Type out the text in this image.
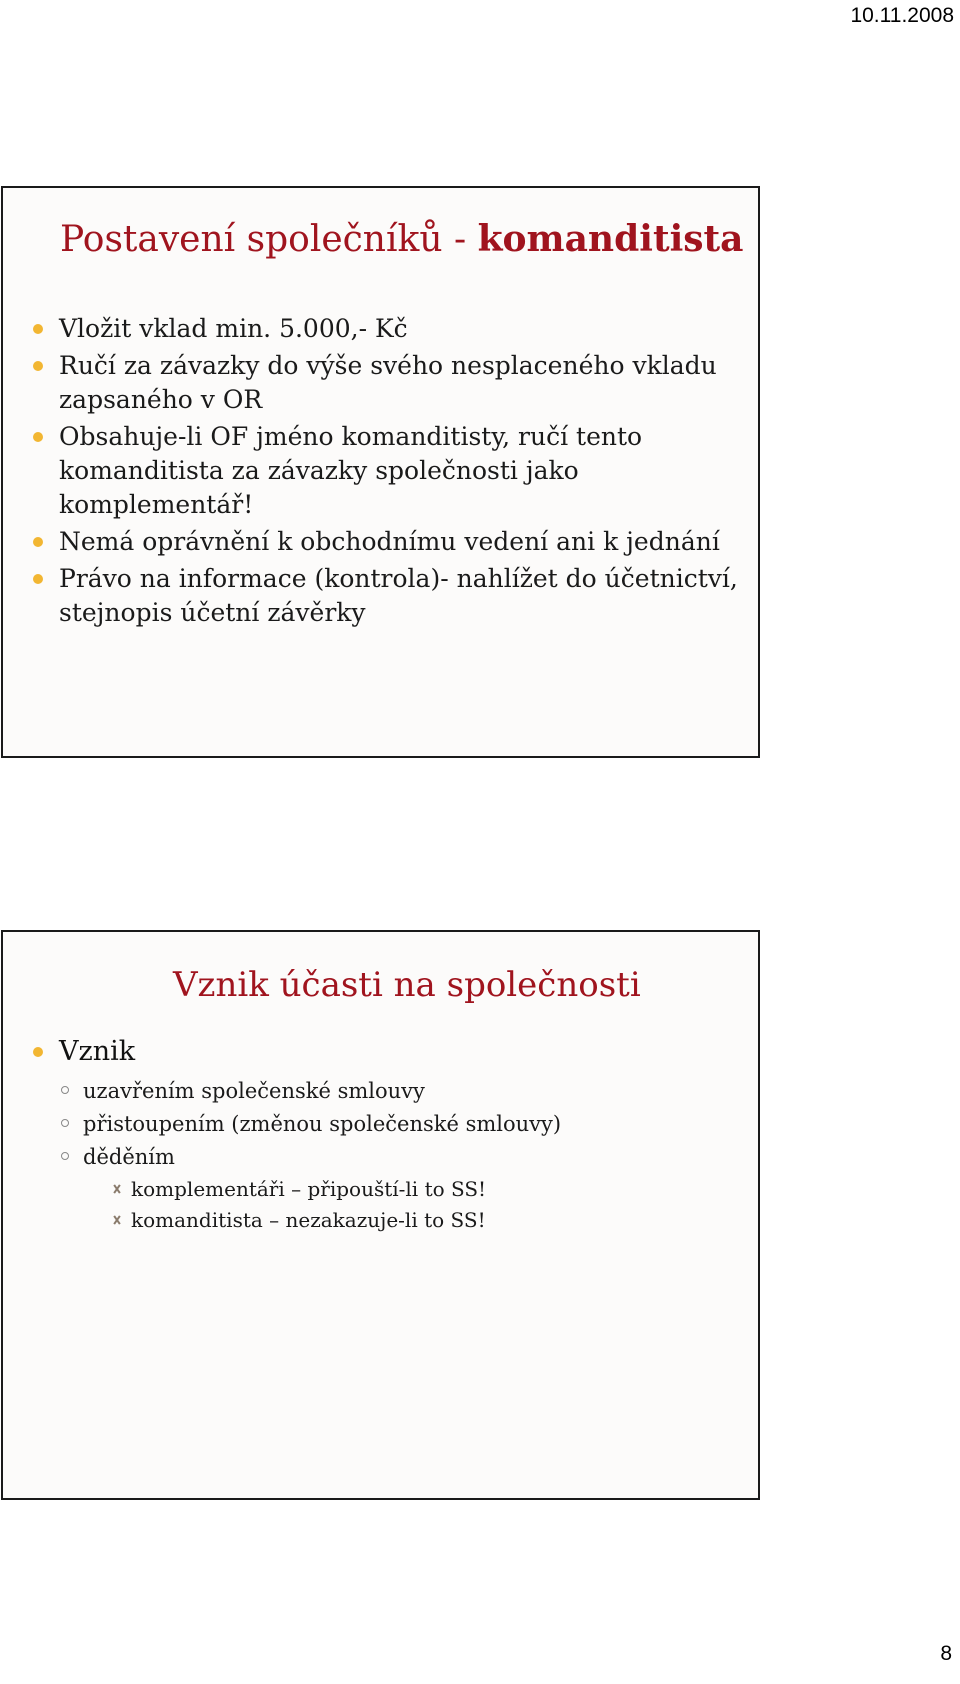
10.11.2008
Postavení společníků - komanditista
Vložit vklad min. 5.000,- Kč
Ručí za závazky do výše svého nesplaceného vkladu zapsaného v OR
Obsahuje-li OF jméno komanditisty, ručí tento komanditista za závazky společnosti jako komplementář!
Nemá oprávnění k obchodnímu vedení ani k jednání
Právo na informace (kontrola)- nahlížet do účetnictví, stejnopis účetní závěrky
Vznik účasti na společnosti
Vznik
uzavřením společenské smlouvy
přistoupením (změnou společenské smlouvy)
děděním
komplementáři – připouští-li to SS!
komanditista – nezakazuje-li to SS!
8
